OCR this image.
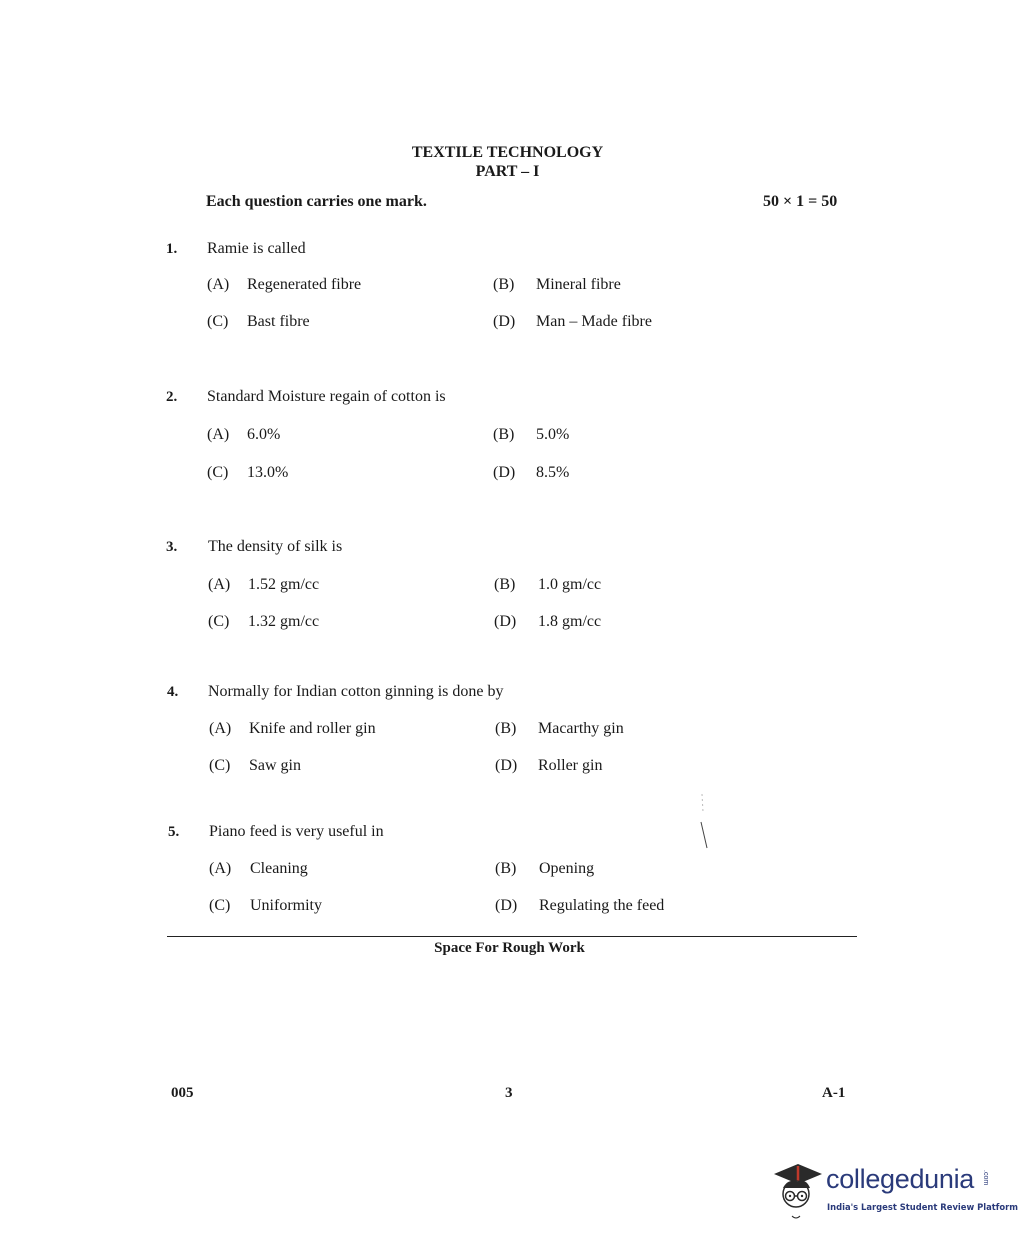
TEXTILE TECHNOLOGY
PART – I
Each question carries one mark.	50 × 1 = 50
1. Ramie is called
(A) Regenerated fibre	(B) Mineral fibre
(C) Bast fibre	(D) Man – Made fibre
2. Standard Moisture regain of cotton is
(A) 6.0%	(B) 5.0%
(C) 13.0%	(D) 8.5%
3. The density of silk is
(A) 1.52 gm/cc	(B) 1.0 gm/cc
(C) 1.32 gm/cc	(D) 1.8 gm/cc
4. Normally for Indian cotton ginning is done by
(A) Knife and roller gin	(B) Macarthy gin
(C) Saw gin	(D) Roller gin
5. Piano feed is very useful in
(A) Cleaning	(B) Opening
(C) Uniformity	(D) Regulating the feed
Space For Rough Work
005	3	A-1
collegedunia .com
India's Largest Student Review Platform
